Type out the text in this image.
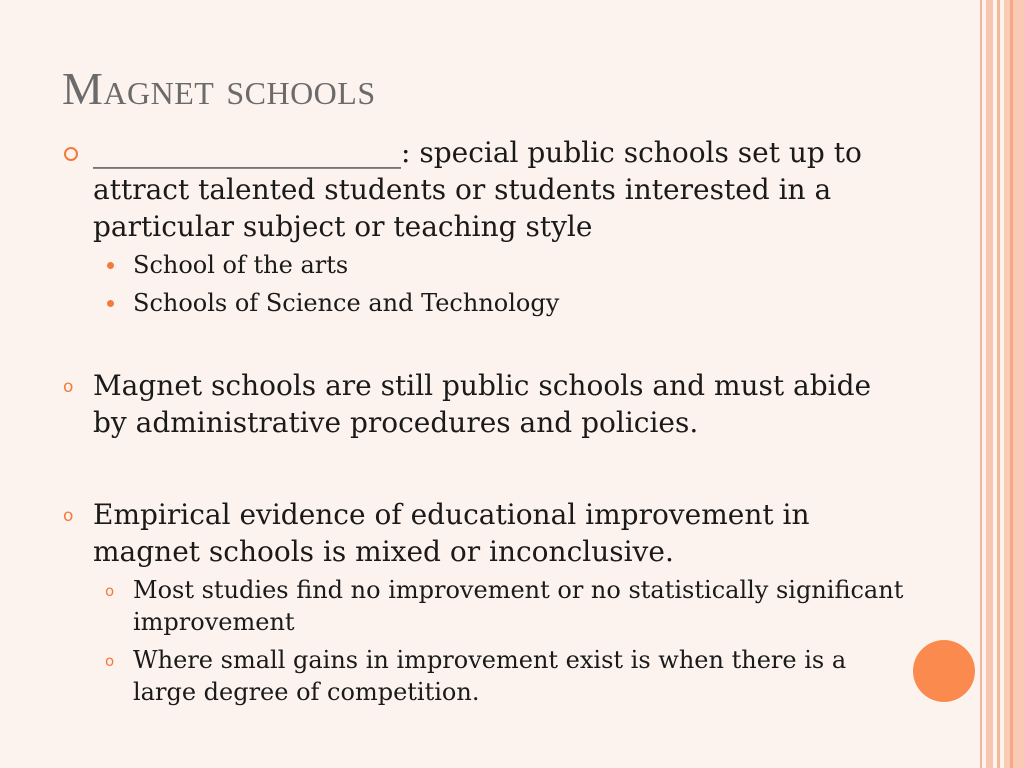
Magnet schools
______________________: special public schools set up to attract talented students or students interested in a particular subject or teaching style
School of the arts
Schools of Science and Technology
o Magnet schools are still public schools and must abide by administrative procedures and policies.
o Empirical evidence of educational improvement in magnet schools is mixed or inconclusive.
o Most studies find no improvement or no statistically significant improvement
o Where small gains in improvement exist is when there is a large degree of competition.
